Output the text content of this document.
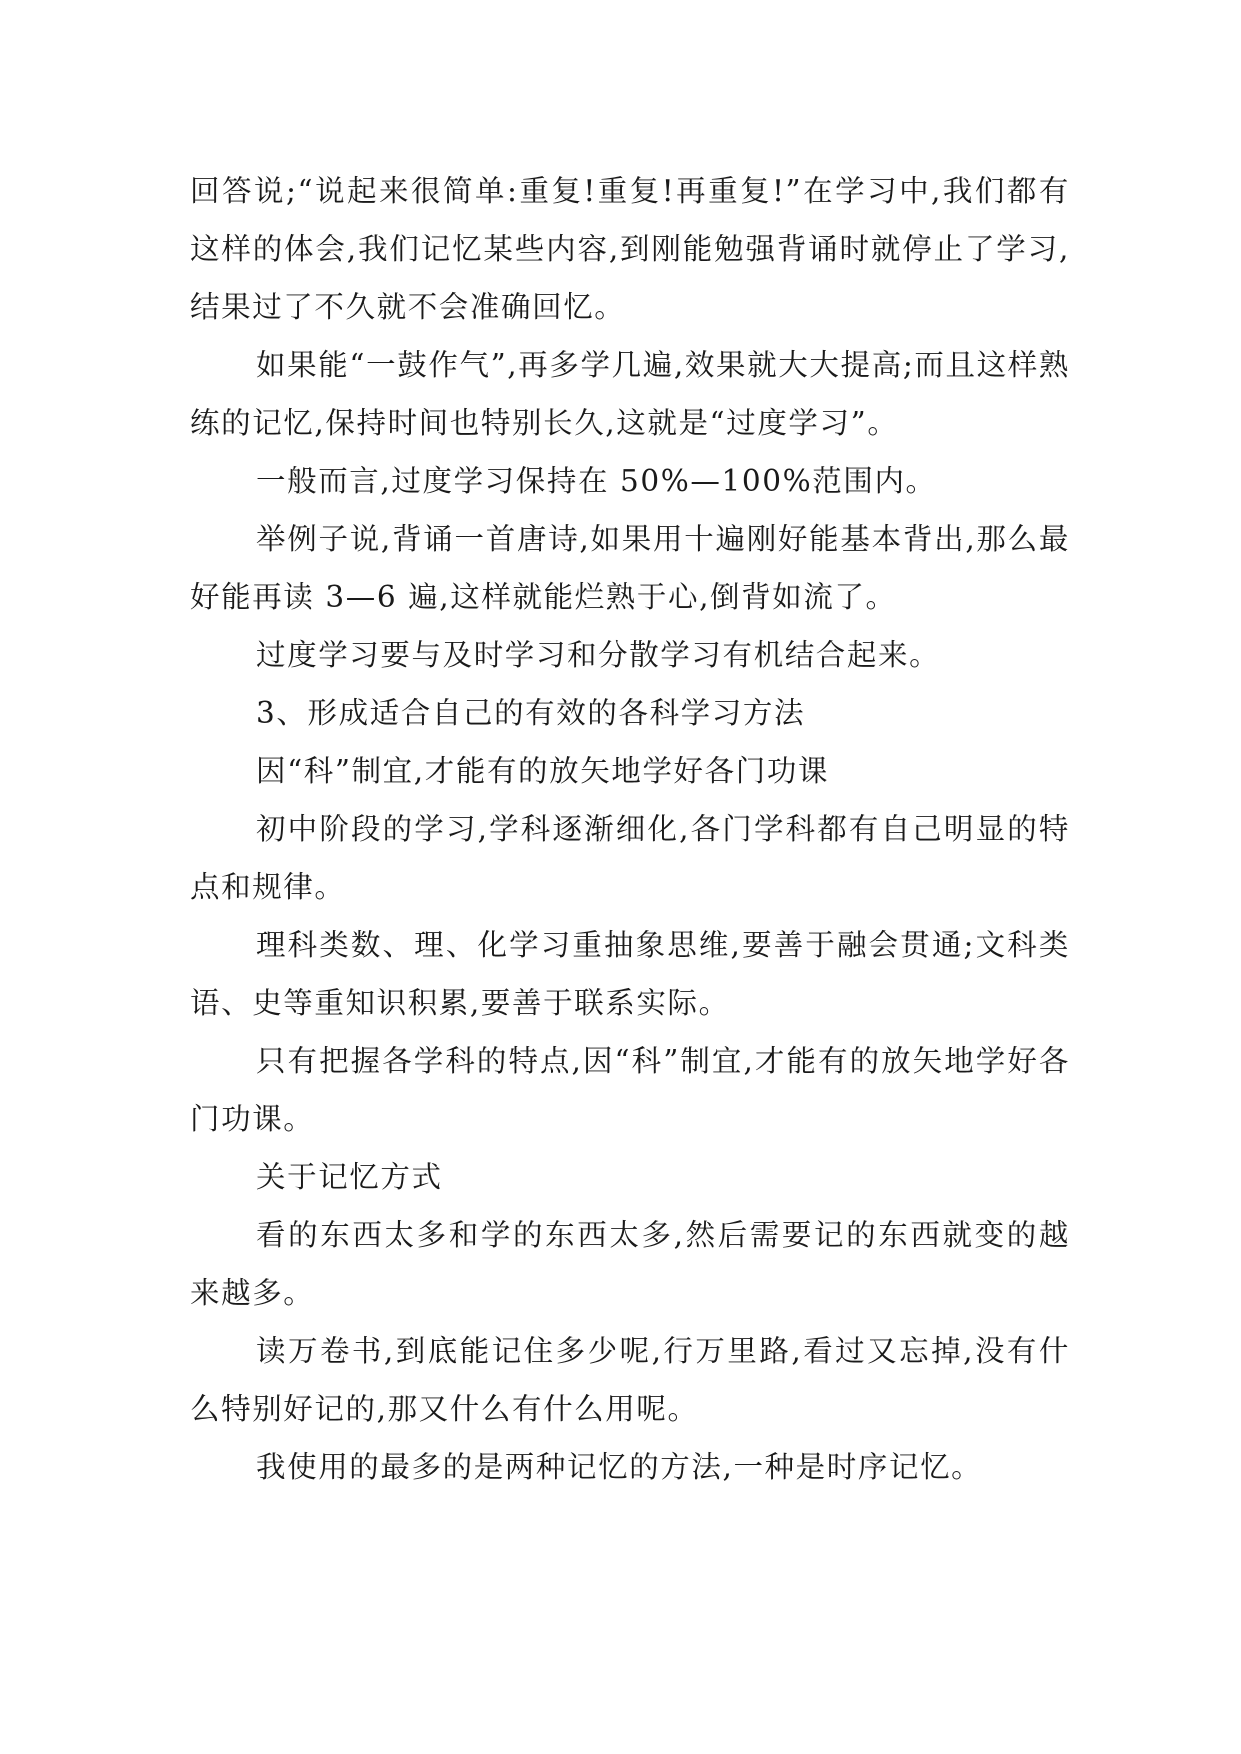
回答说;“说起来很简单:重复!重复!再重复!”在学习中,我们都有这样的体会,我们记忆某些内容,到刚能勉强背诵时就停止了学习,结果过了不久就不会准确回忆。

如果能“一鼓作气”,再多学几遍,效果就大大提高;而且这样熟练的记忆,保持时间也特别长久,这就是“过度学习”。

一般而言,过度学习保持在 50%—100%范围内。

举例子说,背诵一首唐诗,如果用十遍刚好能基本背出,那么最好能再读 3—6 遍,这样就能烂熟于心,倒背如流了。

过度学习要与及时学习和分散学习有机结合起来。

3、形成适合自己的有效的各科学习方法

因“科”制宜,才能有的放矢地学好各门功课

初中阶段的学习,学科逐渐细化,各门学科都有自己明显的特点和规律。

理科类数、理、化学习重抽象思维,要善于融会贯通;文科类语、史等重知识积累,要善于联系实际。

只有把握各学科的特点,因“科”制宜,才能有的放矢地学好各门功课。

关于记忆方式

看的东西太多和学的东西太多,然后需要记的东西就变的越来越多。

读万卷书,到底能记住多少呢,行万里路,看过又忘掉,没有什么特别好记的,那又什么有什么用呢。

我使用的最多的是两种记忆的方法,一种是时序记忆。
